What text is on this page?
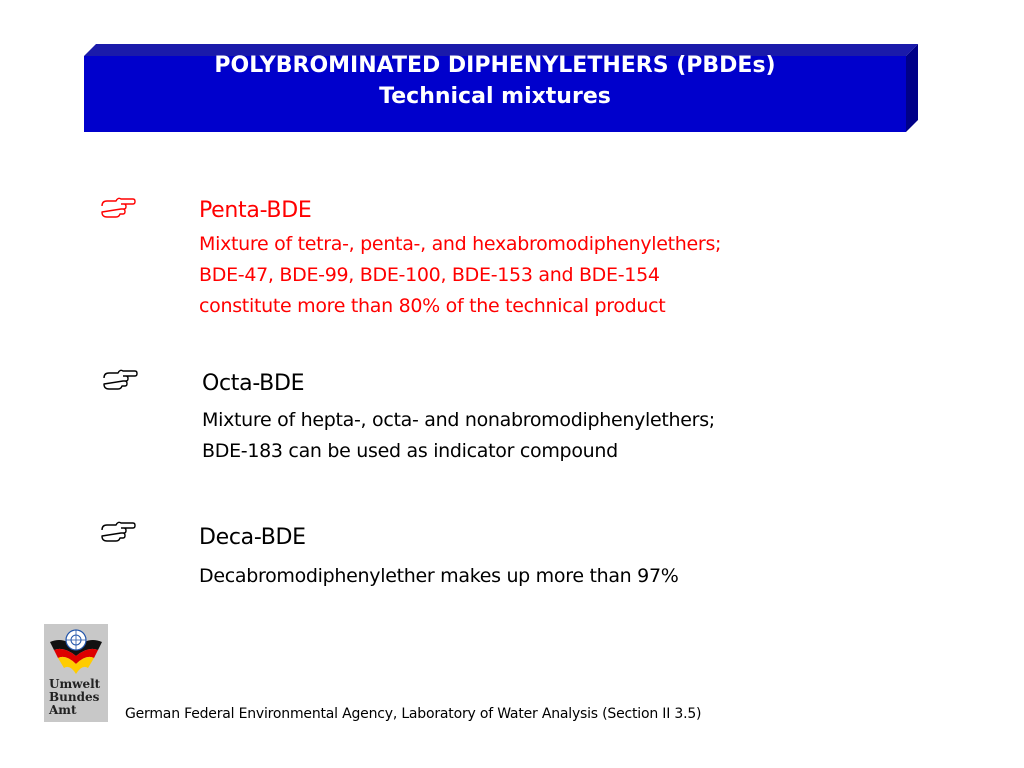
POLYBROMINATED DIPHENYLETHERS (PBDEs)
Technical mixtures
Penta-BDE
Mixture of tetra-, penta-, and hexabromodiphenylethers;
BDE-47, BDE-99, BDE-100, BDE-153 and BDE-154
constitute more than 80% of the technical product
Octa-BDE
Mixture of hepta-, octa- and nonabromodiphenylethers;
BDE-183 can be used as indicator compound
Deca-BDE
Decabromodiphenylether makes up more than 97%
Umwelt
Bundes
Amt	German Federal Environmental Agency, Laboratory of Water Analysis (Section II 3.5)
